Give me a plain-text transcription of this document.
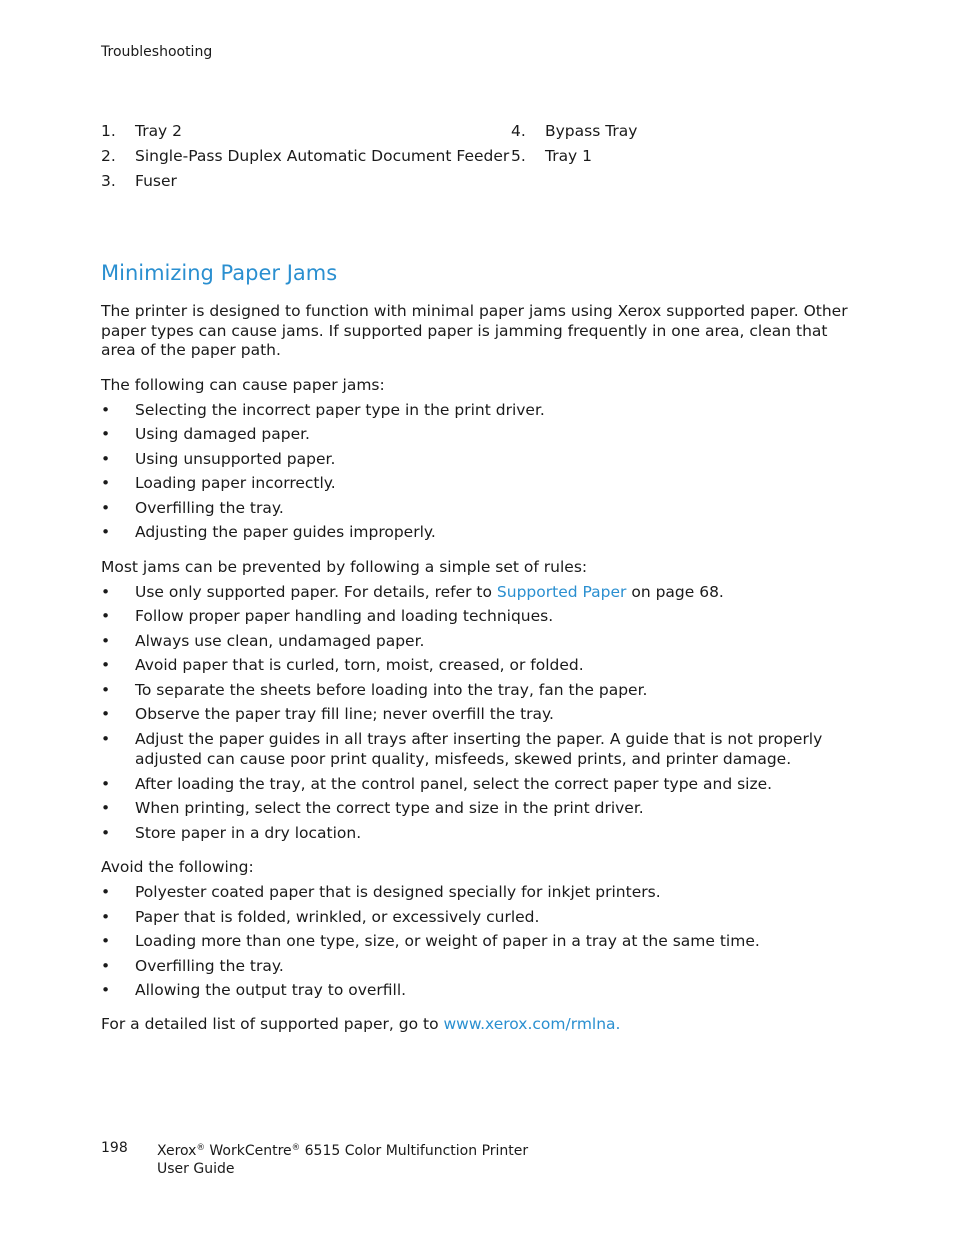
Troubleshooting
1. Tray 2
2. Single-Pass Duplex Automatic Document Feeder
3. Fuser
4. Bypass Tray
5. Tray 1
Minimizing Paper Jams

The printer is designed to function with minimal paper jams using Xerox supported paper. Other paper types can cause jams. If supported paper is jamming frequently in one area, clean that area of the paper path.

The following can cause paper jams:

• Selecting the incorrect paper type in the print driver.
• Using damaged paper.
• Using unsupported paper.
• Loading paper incorrectly.
• Overfilling the tray.
• Adjusting the paper guides improperly.

Most jams can be prevented by following a simple set of rules:

• Use only supported paper. For details, refer to Supported Paper on page 68.
• Follow proper paper handling and loading techniques.
• Always use clean, undamaged paper.
• Avoid paper that is curled, torn, moist, creased, or folded.
• To separate the sheets before loading into the tray, fan the paper.
• Observe the paper tray fill line; never overfill the tray.
• Adjust the paper guides in all trays after inserting the paper. A guide that is not properly adjusted can cause poor print quality, misfeeds, skewed prints, and printer damage.
• After loading the tray, at the control panel, select the correct paper type and size.
• When printing, select the correct type and size in the print driver.
• Store paper in a dry location.

Avoid the following:

• Polyester coated paper that is designed specially for inkjet printers.
• Paper that is folded, wrinkled, or excessively curled.
• Loading more than one type, size, or weight of paper in a tray at the same time.
• Overfilling the tray.
• Allowing the output tray to overfill.

For a detailed list of supported paper, go to www.xerox.com/rmlna.

198 Xerox® WorkCentre® 6515 Color Multifunction Printer
User Guide
